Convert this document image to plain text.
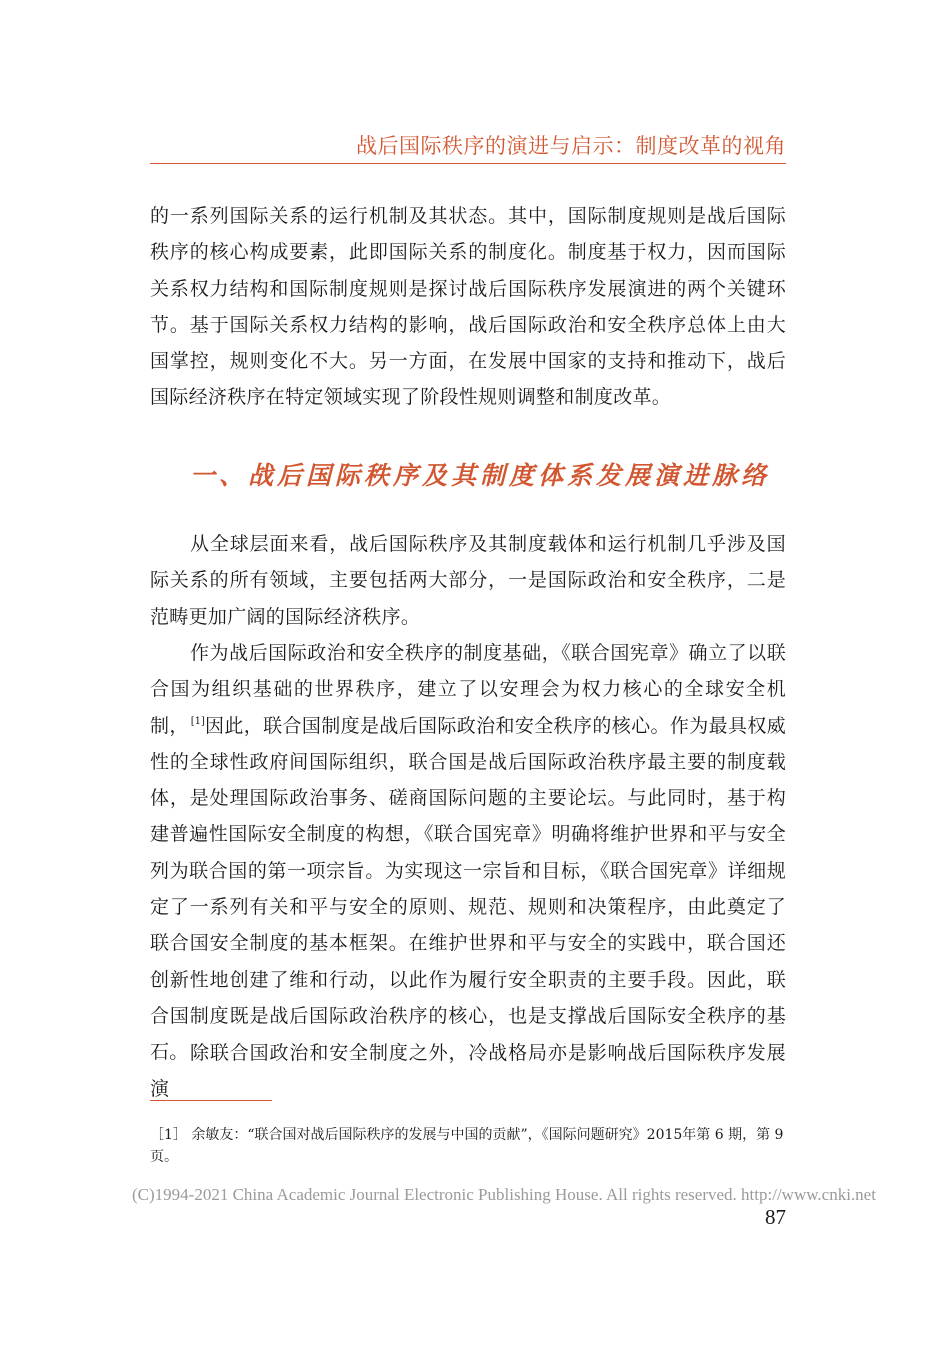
战后国际秩序的演进与启示：制度改革的视角

的一系列国际关系的运行机制及其状态。其中，国际制度规则是战后国际秩序的核心构成要素，此即国际关系的制度化。制度基于权力，因而国际关系权力结构和国际制度规则是探讨战后国际秩序发展演进的两个关键环节。基于国际关系权力结构的影响，战后国际政治和安全秩序总体上由大国掌控，规则变化不大。另一方面，在发展中国家的支持和推动下，战后国际经济秩序在特定领域实现了阶段性规则调整和制度改革。

一、战后国际秩序及其制度体系发展演进脉络

从全球层面来看，战后国际秩序及其制度载体和运行机制几乎涉及国际关系的所有领域，主要包括两大部分，一是国际政治和安全秩序，二是范畴更加广阔的国际经济秩序。

作为战后国际政治和安全秩序的制度基础，《联合国宪章》确立了以联合国为组织基础的世界秩序，建立了以安理会为权力核心的全球安全机制， [1]因此，联合国制度是战后国际政治和安全秩序的核心。作为最具权威性的全球性政府间国际组织，联合国是战后国际政治秩序最主要的制度载体，是处理国际政治事务、磋商国际问题的主要论坛。与此同时，基于构建普遍性国际安全制度的构想，《联合国宪章》明确将维护世界和平与安全列为联合国的第一项宗旨。为实现这一宗旨和目标，《联合国宪章》详细规定了一系列有关和平与安全的原则、规范、规则和决策程序，由此奠定了联合国安全制度的基本框架。在维护世界和平与安全的实践中，联合国还创新性地创建了维和行动，以此作为履行安全职责的主要手段。因此，联合国制度既是战后国际政治秩序的核心，也是支撑战后国际安全秩序的基石。 除联合国政治和安全制度之外，冷战格局亦是影响战后国际秩序发展演

［1］ 余敏友：“联合国对战后国际秩序的发展与中国的贡献”，《国际问题研究》2015年第 6 期，第 9 页。
(C)1994-2021 China Academic Journal Electronic Publishing House. All rights reserved. http://www.cnki.net
87
